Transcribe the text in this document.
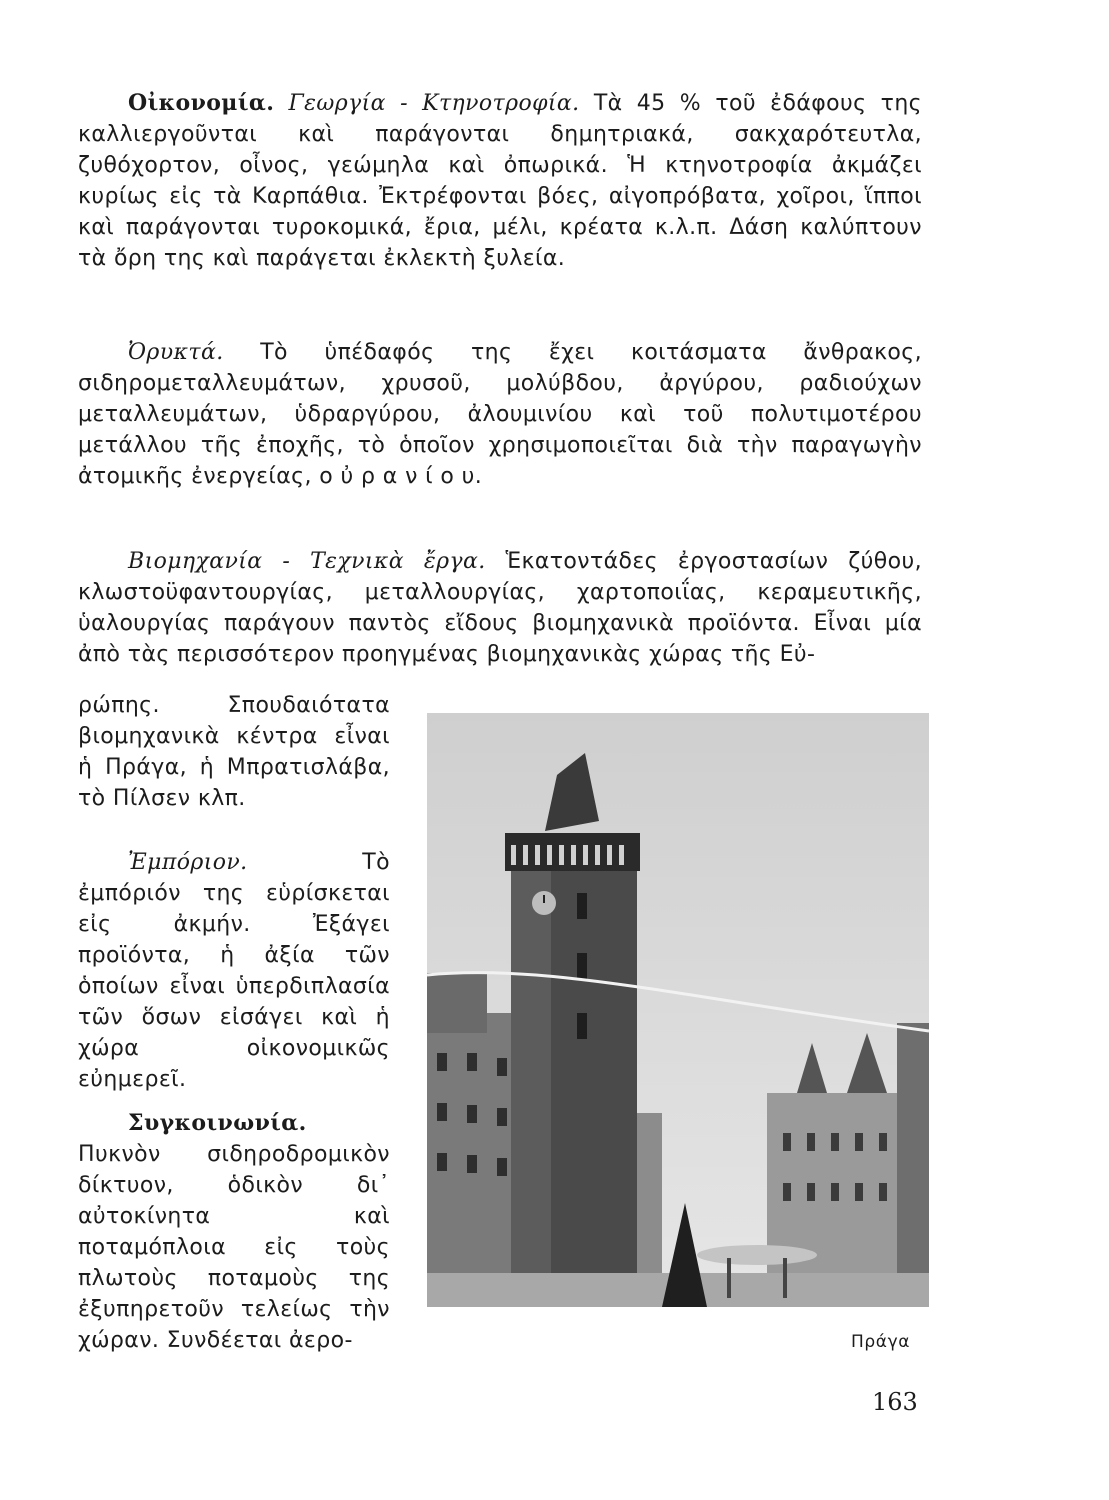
Οἰκονομία. Γεωργία - Κτηνοτροφία. Τὰ 45 % τοῦ ἐδάφους της καλλιεργοῦνται καὶ παράγονται δημητριακά, σακχαρότευτλα, ζυθόχορτον, οἶνος, γεώμηλα καὶ ὀπωρικά. Ἡ κτηνοτροφία ἀκμάζει κυρίως εἰς τὰ Καρπάθια. Ἐκτρέφονται βόες, αἰγοπρόβατα, χοῖροι, ἵπποι καὶ παράγονται τυροκομικά, ἔρια, μέλι, κρέατα κ.λ.π. Δάση καλύπτουν τὰ ὄρη της καὶ παράγεται ἐκλεκτὴ ξυλεία.

Ὀρυκτά. Τὸ ὑπέδαφός της ἔχει κοιτάσματα ἄνθρακος, σιδηρομεταλλευμάτων, χρυσοῦ, μολύβδου, ἀργύρου, ραδιούχων μεταλλευμάτων, ὑδραργύρου, ἀλουμινίου καὶ τοῦ πολυτιμοτέρου μετάλλου τῆς ἐποχῆς, τὸ ὁποῖον χρησιμοποιεῖται διὰ τὴν παραγωγὴν ἀτομικῆς ἐνεργείας, ο ὐ ρ α ν ί ο υ.

Βιομηχανία - Τεχνικὰ ἔργα. Ἑκατοντάδες ἐργοστασίων ζύθου, κλωστοϋφαντουργίας, μεταλλουργίας, χαρτοποιΐας, κεραμευτικῆς, ὑαλουργίας παράγουν παντὸς εἴδους βιομηχανικὰ προϊόντα. Εἶναι μία ἀπὸ τὰς περισσότερον προηγμένας βιομηχανικὰς χώρας τῆς Εὐ-

ρώπης. Σπουδαιότατα βιομηχανικὰ κέντρα εἶναι ἡ Πράγα, ἡ Μπρατισλάβα, τὸ Πίλσεν κλπ.

Ἐμπόριον.	Τὸ ἐμπόριόν της εὑρίσκεται εἰς ἀκμήν. Ἐξάγει προϊόντα, ἡ ἀξία τῶν ὁποίων εἶναι ὑπερδιπλασία τῶν ὅσων εἰσάγει καὶ ἡ χώρα οἰκονομικῶς εὐημερεῖ.

Συγκοινωνία. Πυκνὸν σιδηροδρομικὸν δίκτυον, ὁδικὸν δι᾿ αὐτοκίνητα καὶ ποταμόπλοια εἰς τοὺς πλωτοὺς ποταμοὺς της ἐξυπηρετοῦν τελείως τὴν χώραν. Συνδέεται ἀερο-	Πράγα
163
